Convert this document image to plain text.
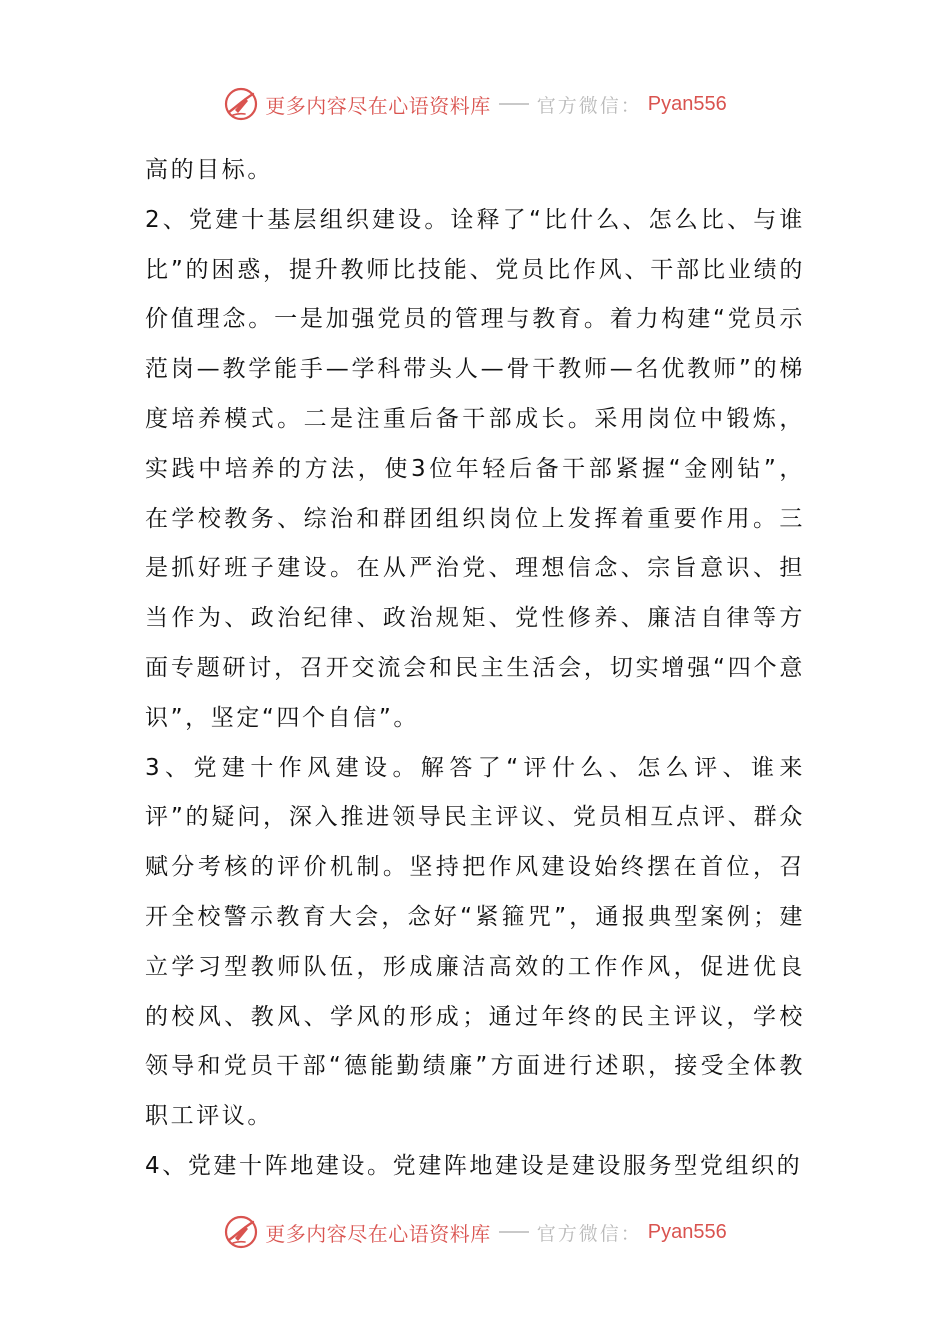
更多内容尽在心语资料库 官方微信： Pyan556

高的目标。

2、党建十基层组织建设。诠释了“比什么、怎么比、与谁比”的困惑，提升教师比技能、党员比作风、干部比业绩的价值理念。一是加强党员的管理与教育。着力构建“党员示范岗—教学能手—学科带头人—骨干教师—名优教师”的梯度培养模式。二是注重后备干部成长。采用岗位中锻炼，实践中培养的方法，使3位年轻后备干部紧握“金刚钻”，在学校教务、综治和群团组织岗位上发挥着重要作用。三是抓好班子建设。在从严治党、理想信念、宗旨意识、担当作为、政治纪律、政治规矩、党性修养、廉洁自律等方面专题研讨，召开交流会和民主生活会，切实增强“四个意识”，坚定“四个自信”。

3、党建十作风建设。解答了“评什么、怎么评、谁来评”的疑问，深入推进领导民主评议、党员相互点评、群众赋分考核的评价机制。坚持把作风建设始终摆在首位，召开全校警示教育大会，念好“紧箍咒”，通报典型案例；建立学习型教师队伍，形成廉洁高效的工作作风，促进优良的校风、教风、学风的形成；通过年终的民主评议，学校领导和党员干部“德能勤绩廉”方面进行述职，接受全体教职工评议。

4、党建十阵地建设。党建阵地建设是建设服务型党组织的

更多内容尽在心语资料库 官方微信： Pyan556
